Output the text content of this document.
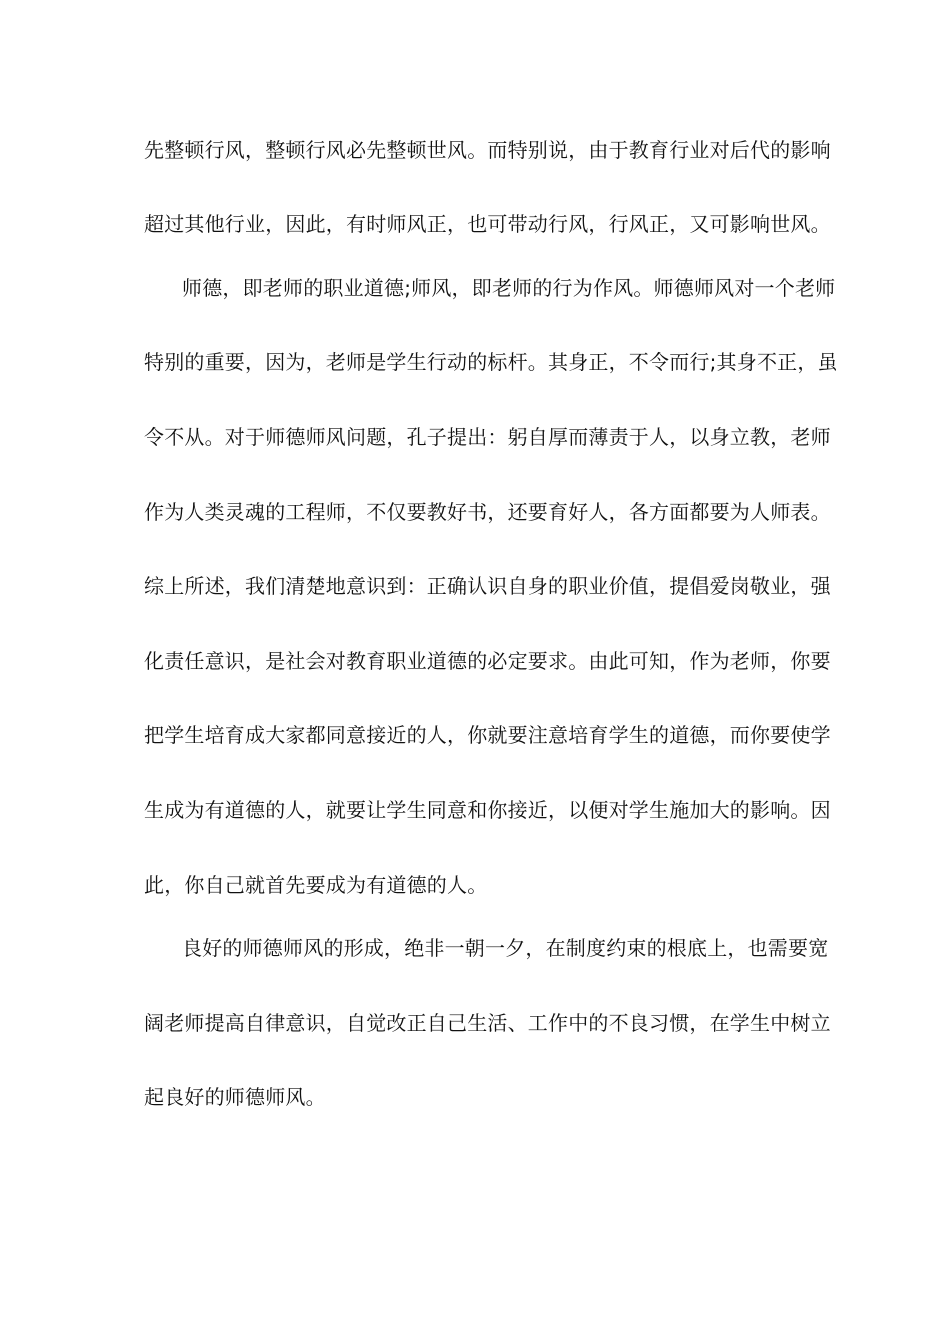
先整顿行风，整顿行风必先整顿世风。而特别说，由于教育行业对后代的影响
超过其他行业，因此，有时师风正，也可带动行风，行风正，又可影响世风。
师德，即老师的职业道德;师风，即老师的行为作风。师德师风对一个老师
特别的重要，因为，老师是学生行动的标杆。其身正，不令而行;其身不正，虽
令不从。对于师德师风问题，孔子提出：躬自厚而薄责于人，以身立教，老师
作为人类灵魂的工程师，不仅要教好书，还要育好人，各方面都要为人师表。
综上所述，我们清楚地意识到：正确认识自身的职业价值，提倡爱岗敬业，强
化责任意识，是社会对教育职业道德的必定要求。由此可知，作为老师，你要
把学生培育成大家都同意接近的人，你就要注意培育学生的道德，而你要使学
生成为有道德的人，就要让学生同意和你接近，以便对学生施加大的影响。因
此，你自己就首先要成为有道德的人。
良好的师德师风的形成，绝非一朝一夕，在制度约束的根底上，也需要宽
阔老师提高自律意识，自觉改正自己生活、工作中的不良习惯，在学生中树立
起良好的师德师风。
